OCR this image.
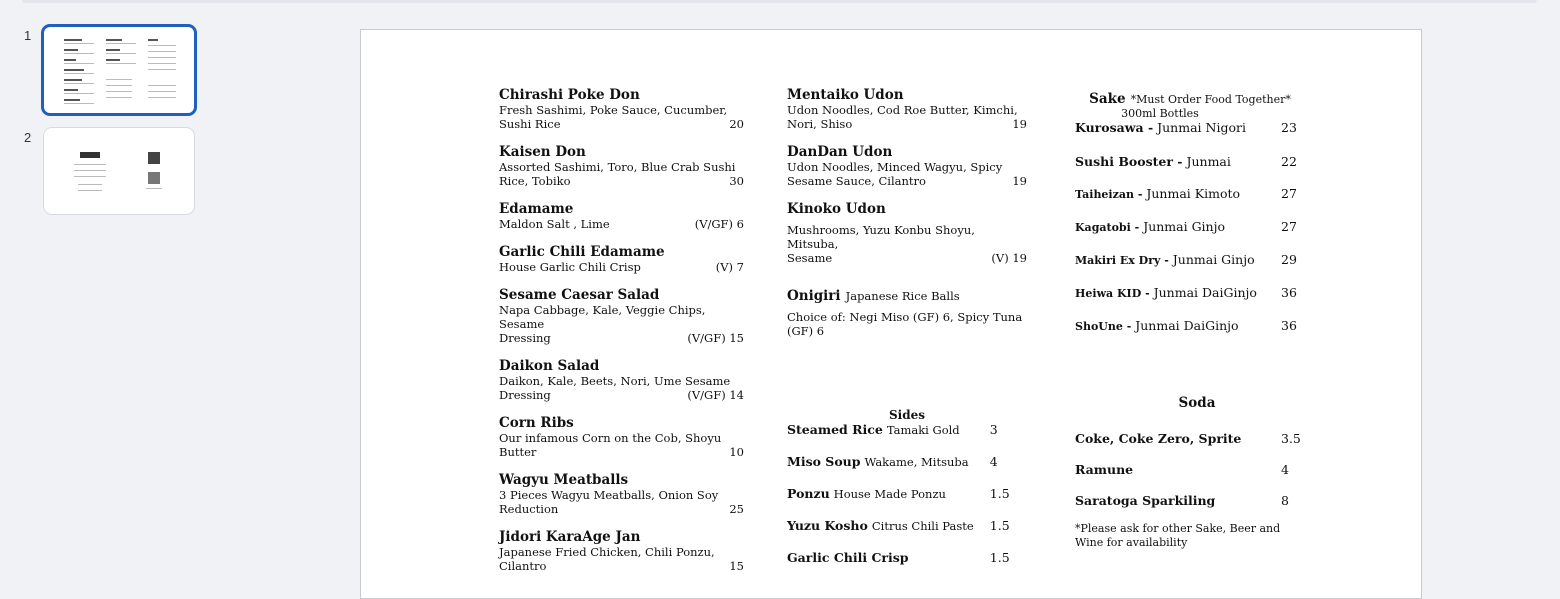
1
2
Chirashi Poke Don
Fresh Sashimi, Poke Sauce, Cucumber,
Sushi Rice	20
Kaisen Don
Assorted Sashimi, Toro, Blue Crab Sushi
Rice, Tobiko	30
Edamame
Maldon Salt , Lime	(V/GF) 6
Garlic Chili Edamame
House Garlic Chili Crisp	(V) 7
Sesame Caesar Salad
Napa Cabbage, Kale, Veggie Chips, Sesame
Dressing	(V/GF) 15
Daikon Salad
Daikon, Kale, Beets, Nori, Ume Sesame
Dressing	(V/GF) 14
Corn Ribs
Our infamous Corn on the Cob, Shoyu
Butter	10
Wagyu Meatballs
3 Pieces Wagyu Meatballs, Onion Soy
Reduction	25
Jidori KaraAge Jan
Japanese Fried Chicken, Chili Ponzu,
Cilantro	15
Mentaiko Udon
Udon Noodles, Cod Roe Butter, Kimchi,
Nori, Shiso	19
DanDan Udon
Udon Noodles, Minced Wagyu, Spicy
Sesame Sauce, Cilantro	19
Kinoko Udon
Mushrooms, Yuzu Konbu Shoyu, Mitsuba,
Sesame	(V) 19
Onigiri Japanese Rice Balls
Choice of: Negi Miso (GF) 6, Spicy Tuna
(GF) 6
Sides
Steamed Rice Tamaki Gold	3
Miso Soup Wakame, Mitsuba	4
Ponzu House Made Ponzu	1.5
Yuzu Kosho Citrus Chili Paste	1.5
Garlic Chili Crisp	1.5
Sake *Must Order Food Together*
300ml Bottles
Kurosawa - Junmai Nigori	23
Sushi Booster - Junmai	22
Taiheizan - Junmai Kimoto	27
Kagatobi - Junmai Ginjo	27
Makiri Ex Dry - Junmai Ginjo	29
Heiwa KID - Junmai DaiGinjo	36
ShoUne - Junmai DaiGinjo	36
Soda
Coke, Coke Zero, Sprite	3.5
Ramune	4
Saratoga Sparkiling	8
*Please ask for other Sake, Beer and
Wine for availability
